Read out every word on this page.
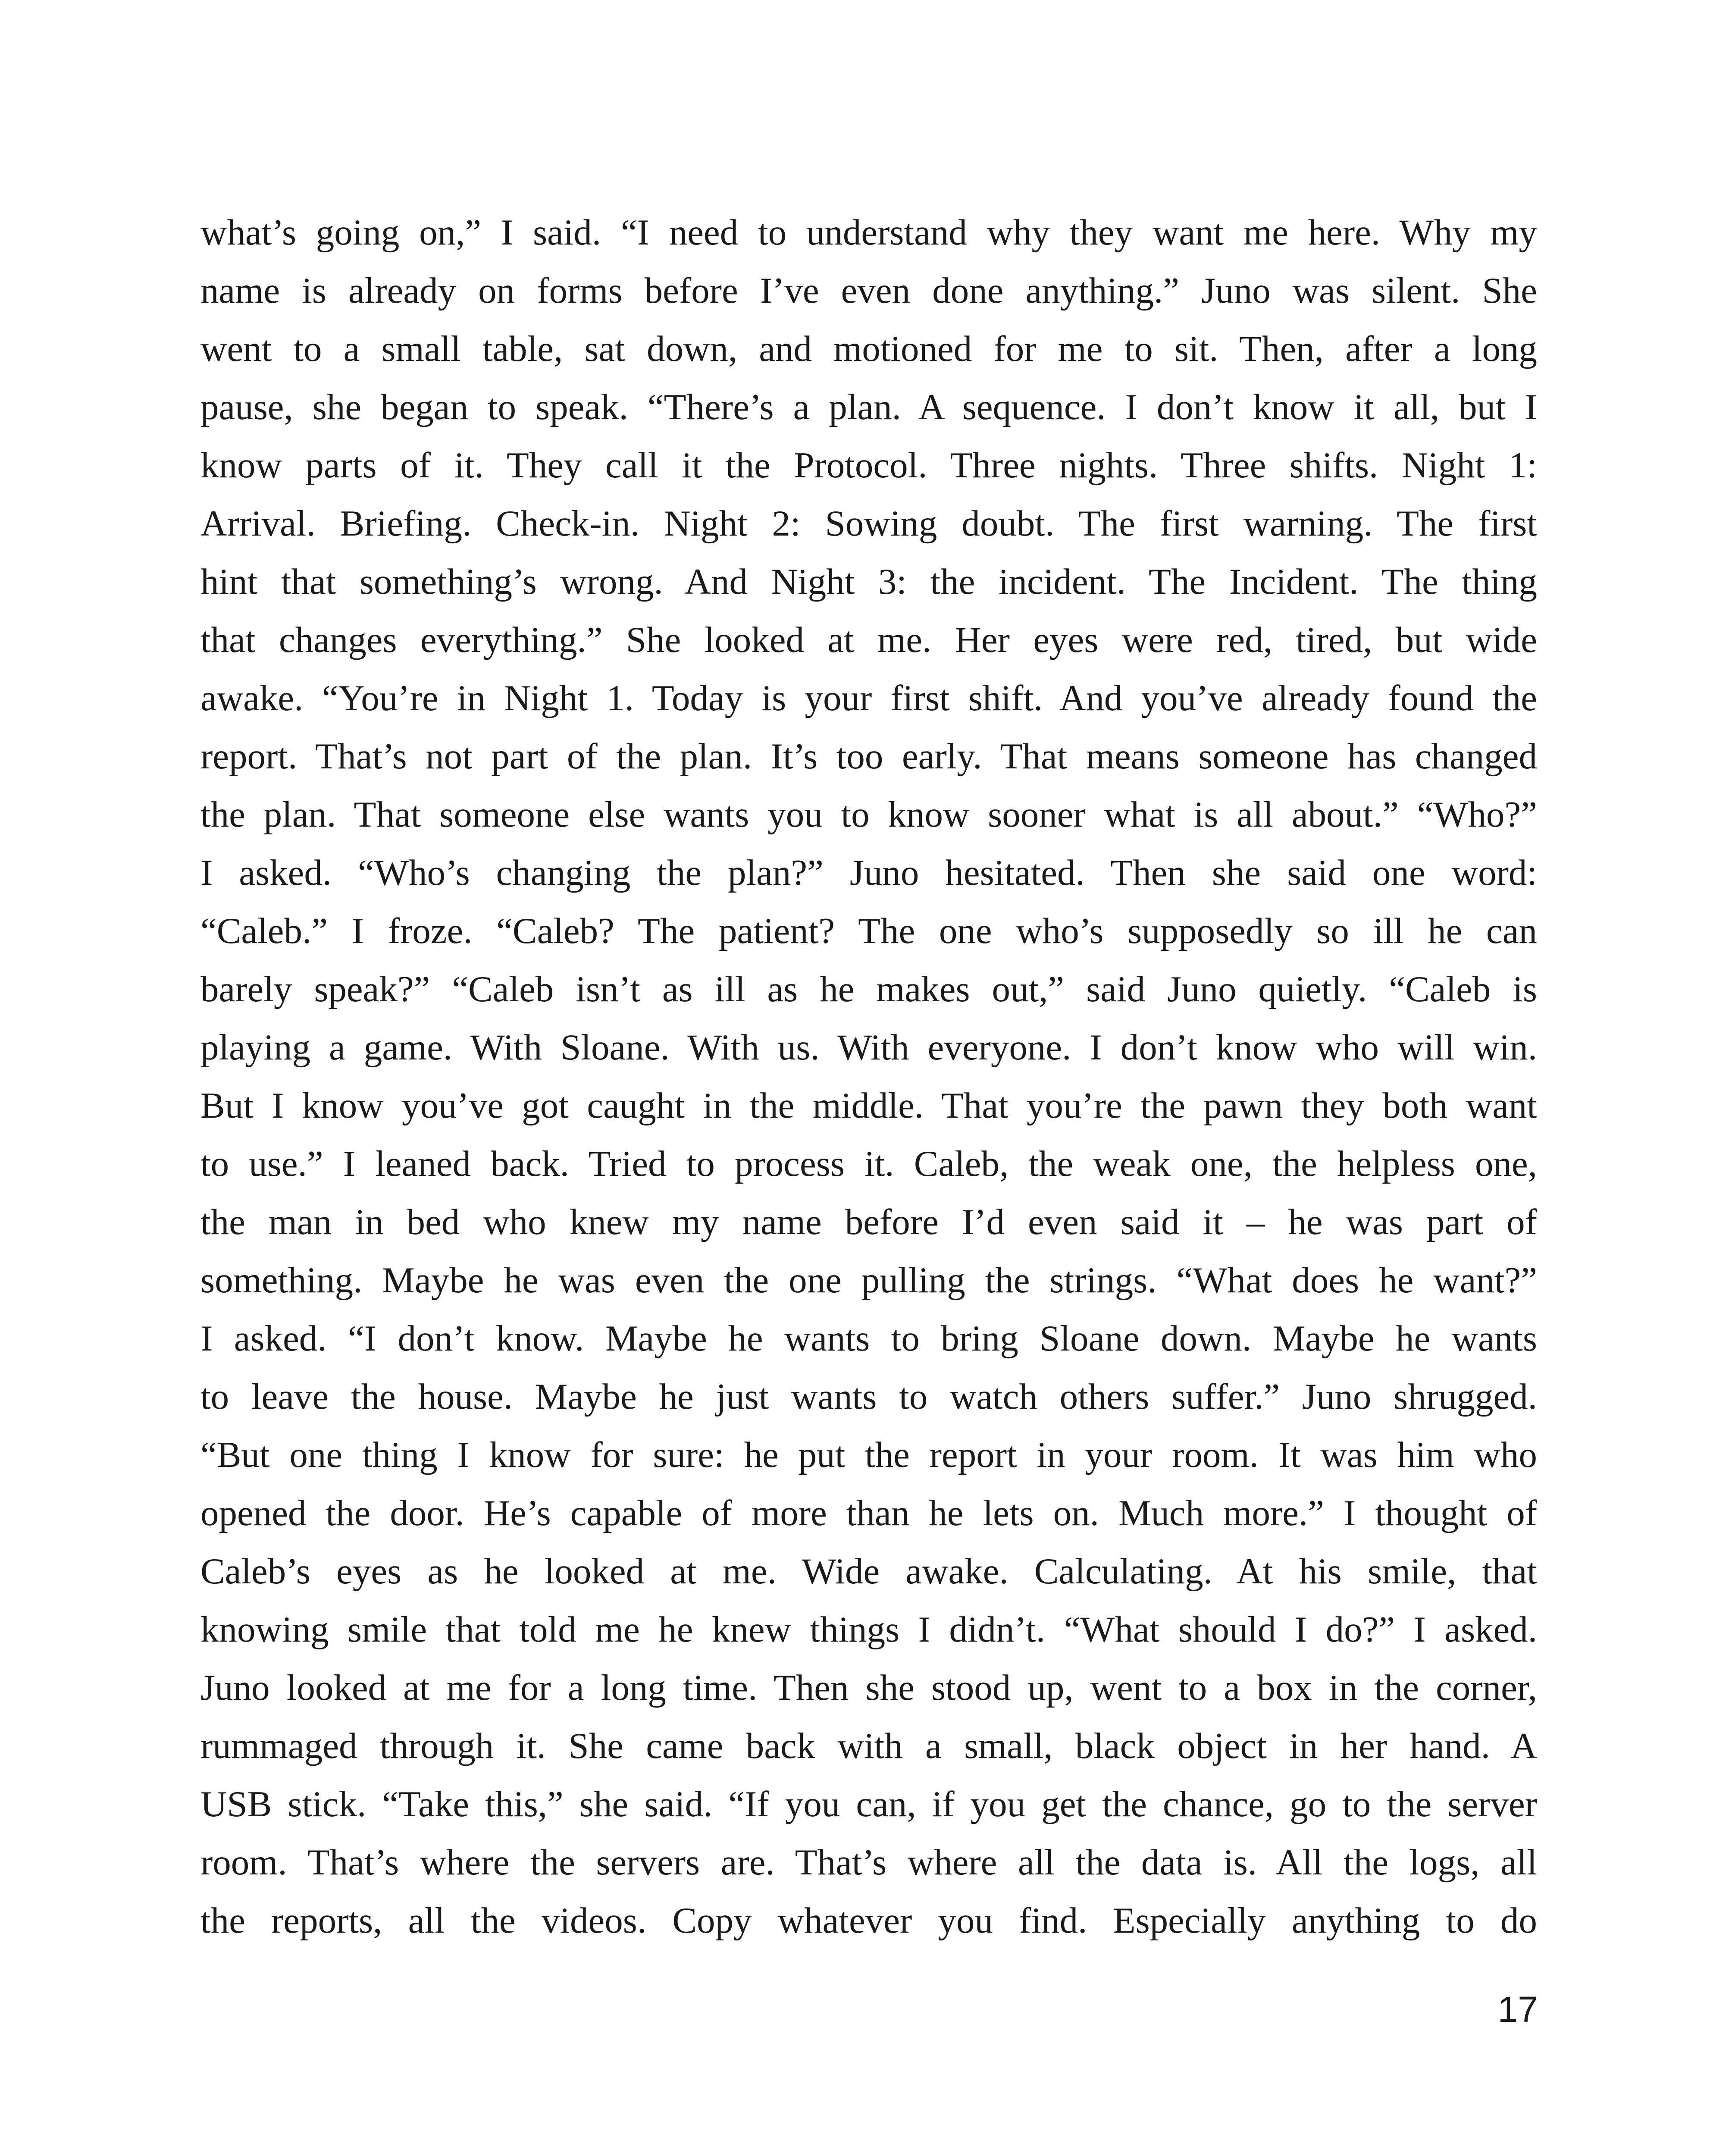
what’s going on,” I said. “I need to understand why they want me here. Why my
name is already on forms before I’ve even done anything.” Juno was silent. She
went to a small table, sat down, and motioned for me to sit. Then, after a long
pause, she began to speak. “There’s a plan. A sequence. I don’t know it all, but I
know parts of it. They call it the Protocol. Three nights. Three shifts. Night 1:
Arrival. Briefing. Check-in. Night 2: Sowing doubt. The first warning. The first
hint that something’s wrong. And Night 3: the incident. The Incident. The thing
that changes everything.” She looked at me. Her eyes were red, tired, but wide
awake. “You’re in Night 1. Today is your first shift. And you’ve already found the
report. That’s not part of the plan. It’s too early. That means someone has changed
the plan. That someone else wants you to know sooner what is all about.” “Who?”
I asked. “Who’s changing the plan?” Juno hesitated. Then she said one word:
“Caleb.” I froze. “Caleb? The patient? The one who’s supposedly so ill he can
barely speak?” “Caleb isn’t as ill as he makes out,” said Juno quietly. “Caleb is
playing a game. With Sloane. With us. With everyone. I don’t know who will win.
But I know you’ve got caught in the middle. That you’re the pawn they both want
to use.” I leaned back. Tried to process it. Caleb, the weak one, the helpless one,
the man in bed who knew my name before I’d even said it – he was part of
something. Maybe he was even the one pulling the strings. “What does he want?”
I asked. “I don’t know. Maybe he wants to bring Sloane down. Maybe he wants
to leave the house. Maybe he just wants to watch others suffer.” Juno shrugged.
“But one thing I know for sure: he put the report in your room. It was him who
opened the door. He’s capable of more than he lets on. Much more.” I thought of
Caleb’s eyes as he looked at me. Wide awake. Calculating. At his smile, that
knowing smile that told me he knew things I didn’t. “What should I do?” I asked.
Juno looked at me for a long time. Then she stood up, went to a box in the corner,
rummaged through it. She came back with a small, black object in her hand. A
USB stick. “Take this,” she said. “If you can, if you get the chance, go to the server
room. That’s where the servers are. That’s where all the data is. All the logs, all
the reports, all the videos. Copy whatever you find. Especially anything to do
17
